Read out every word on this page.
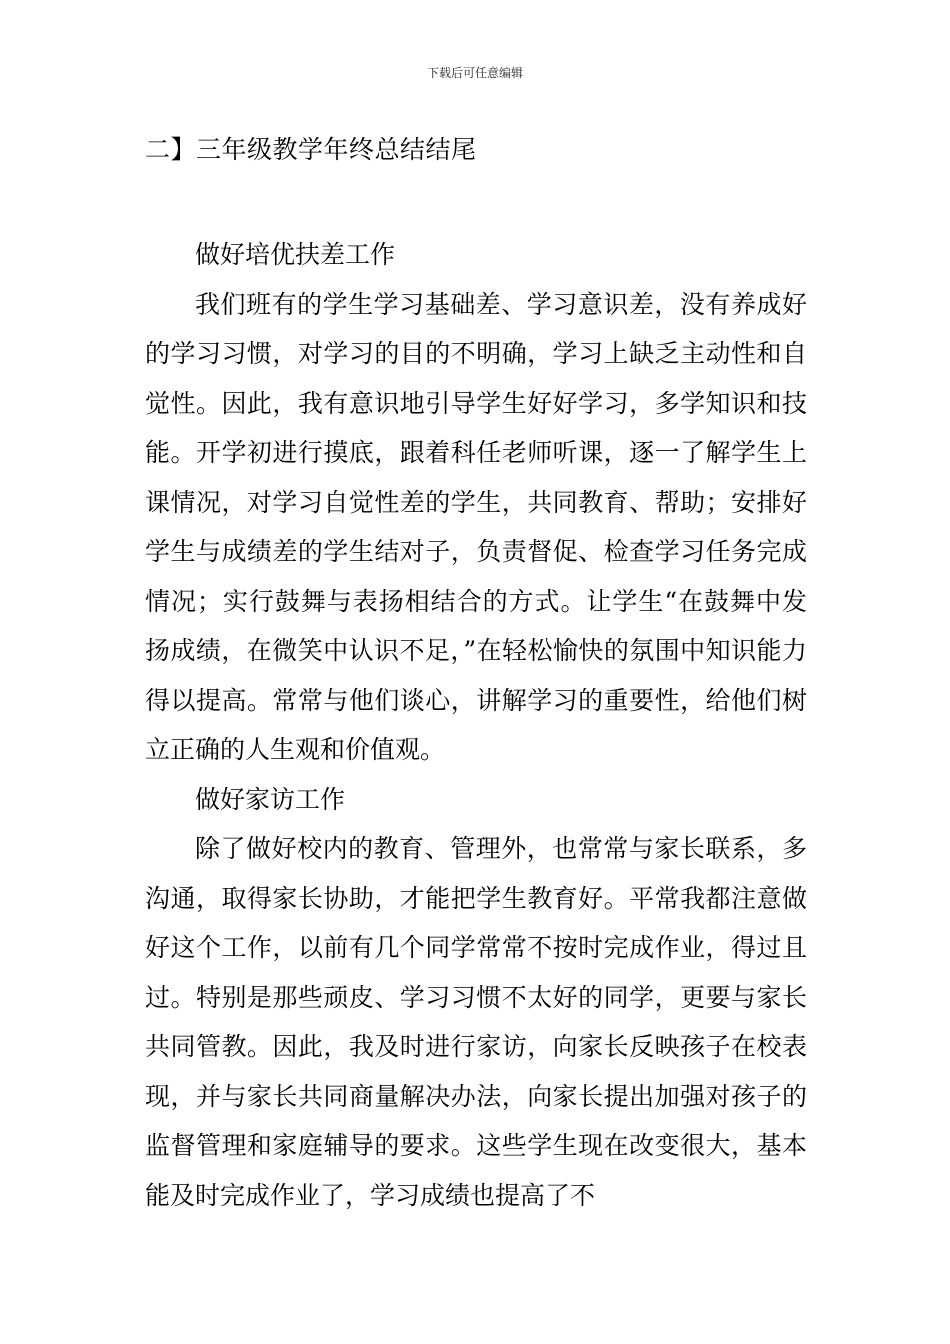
下载后可任意编辑
二】三年级教学年终总结结尾

做好培优扶差工作

我们班有的学生学习基础差、学习意识差，没有养成好的学习习惯，对学习的目的不明确，学习上缺乏主动性和自觉性。因此，我有意识地引导学生好好学习，多学知识和技能。开学初进行摸底，跟着科任老师听课，逐一了解学生上课情况，对学习自觉性差的学生，共同教育、帮助；安排好学生与成绩差的学生结对子，负责督促、检查学习任务完成情况；实行鼓舞与表扬相结合的方式。让学生“在鼓舞中发扬成绩，在微笑中认识不足，”在轻松愉快的氛围中知识能力得以提高。常常与他们谈心，讲解学习的重要性，给他们树立正确的人生观和价值观。

做好家访工作

除了做好校内的教育、管理外，也常常与家长联系，多沟通，取得家长协助，才能把学生教育好。平常我都注意做好这个工作，以前有几个同学常常不按时完成作业，得过且过。特别是那些顽皮、学习习惯不太好的同学，更要与家长共同管教。因此，我及时进行家访，向家长反映孩子在校表现，并与家长共同商量解决办法，向家长提出加强对孩子的监督管理和家庭辅导的要求。这些学生现在改变很大，基本能及时完成作业了，学习成绩也提高了不
